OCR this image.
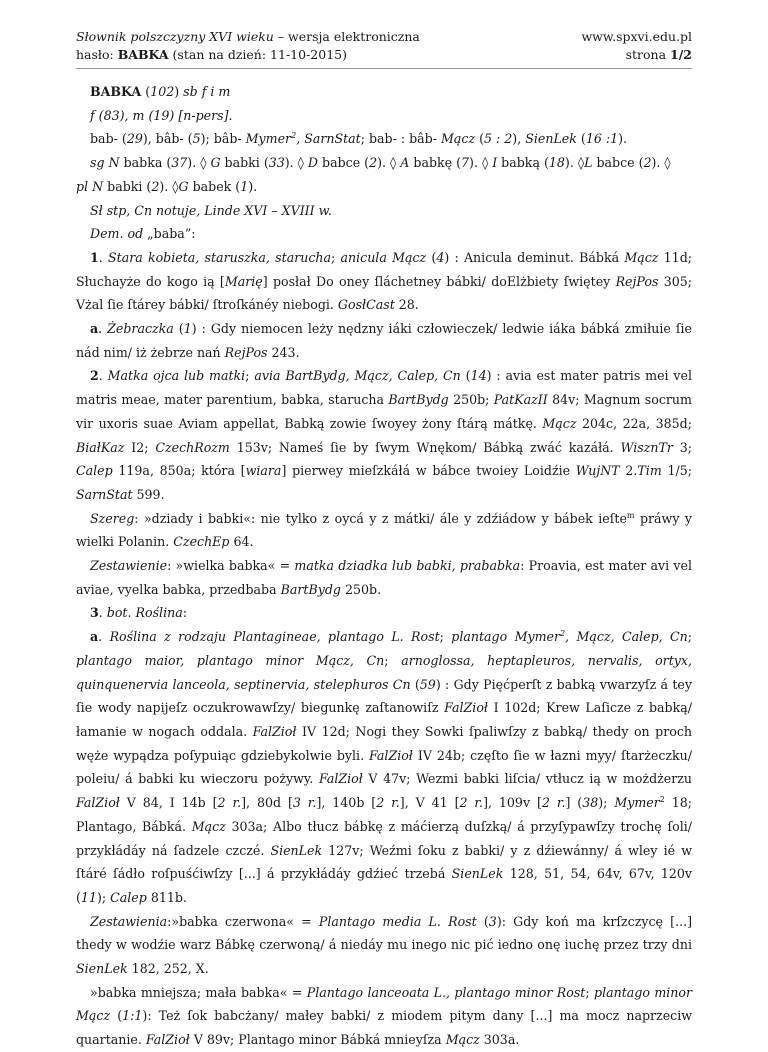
Słownik polszczyzny XVI wieku – wersja elektroniczna
hasło: BABKA (stan na dzień: 11-10-2015)
www.spxvi.edu.pl
strona 1/2

BABKA (102) sb f i m

f (83), m (19) [n-pers].

bab- (29), bâb- (5); bâb- Mymer$^2$, SarnStat; bab- : bâb- Mącz (5 : 2), SienLek (16 :1).

sg N babka (37). ◊ G babki (33). ◊ D babce (2). ◊ A babkę (7). ◊ I babką (18). ◊L babce (2). ◊
pl N babki (2). ◊G babek (1).

Sł stp, Cn notuje, Linde XVI – XVIII w.

Dem. od „baba”:

1. Stara kobieta, staruszka, starucha; anicula Mącz (4) : Anicula deminut. Bábká Mącz 11d; Słuchayże do kogo ią [Marię] posłał Do oney ſláchetney bábki/ doElżbiety ſwiętey RejPos 305; Vżal ſie ſtárey bábki/ ſtroſkánéy niebogi. GosłCast 28.

a. Żebraczka (1) : Gdy niemocen leży nędzny iáki człowieczek/ ledwie iáka bábká zmiłuie ſie nád nim/ iż żebrze nań RejPos 243.

2. Matka ojca lub matki; avia BartBydg, Mącz, Calep, Cn (14) : avia est mater patris mei vel matris meae, mater parentium, babka, starucha BartBydg 250b; PatKazII 84v; Magnum socrum vir uxoris suae Aviam appellat, Babką zowie ſwoyey żony ſtárą mátkę. Mącz 204c, 22a, 385d; BiałKaz I2; CzechRozm 153v; Nameś ſie by ſwym Wnękom/ Bábką zwáć kazáłá. WisznTr 3; Calep 119a, 850a; która [wiara] pierwey mieſzkáłá w bábce twoiey Loidźie WujNT 2.Tim 1/5; SarnStat 599.

Szereg: »dziady i babki«: nie tylko z oycá y z mátki/ ále y zdźiádow y bábek ieſte$^m$ práwy y wielki Polanin. CzechEp 64.

Zestawienie: »wielka babka« = matka dziadka lub babki, prababka: Proavia, est mater avi vel aviae, vyelka babka, przedbaba BartBydg 250b.

3. bot. Roślina:

a. Roślina z rodzaju Plantagineae, plantago L. Rost; plantago Mymer$^2$, Mącz, Calep, Cn; plantago maior, plantago minor Mącz, Cn; arnoglossa, heptapleuros, nervalis, ortyx, quinquenervia lanceola, septinervia, stelephuros Cn (59) : Gdy Pięćperſt z babką vwarzyſz á tey ſie wody napijeſz oczukrowawſzy/ biegunkę zaſtanowiſz FalZioł I 102d; Krew Laſicze z babką/ łamanie w nogach oddala. FalZioł IV 12d; Nogi they Sowki ſpaliwſzy z babką/ thedy on proch węże wypądza poſypuiąc gdziebykolwie byli. FalZioł IV 24b; częſto ſie w łazni myy/ ſtarżeczku/ poleiu/ á babki ku wieczoru pożywy. FalZioł V 47v; Wezmi babki liſcia/ vtłucz ią w możdżerzu FalZioł V 84, I 14b [2 r.], 80d [3 r.], 140b [2 r.], V 41 [2 r.], 109v [2 r.] (38); Mymer$^2$ 18; Plantago, Bábká. Mącz 303a; Albo tłucz bábkę z máćierzą duſzką/ á przyſypawſzy trochę ſoli/ przykłádáy ná ſadzele czczé. SienLek 127v; Weźmi ſoku z babki/ y z dźiewánny/ á wley ié w ſtáré ſádło roſpuśćiwſzy [...] á przykłádáy gdźieć trzebá SienLek 128, 51, 54, 64v, 67v, 120v (11); Calep 811b.

Zestawienia:»babka czerwona« = Plantago media L. Rost (3): Gdy koń ma krſzczycę [...] thedy w wodźie warz Bábkę czerwoną/ á niedáy mu inego nic pić iedno onę iuchę przez trzy dni SienLek 182, 252, X.

»babka mniejsza; mała babka« = Plantago lanceoata L., plantago minor Rost; plantago minor Mącz (1:1): Też ſok babcżany/ małey babki/ z miodem pitym dany [...] ma mocz naprzeciw quartanie. FalZioł V 89v; Plantago minor Bábká mnieyſza Mącz 303a.
